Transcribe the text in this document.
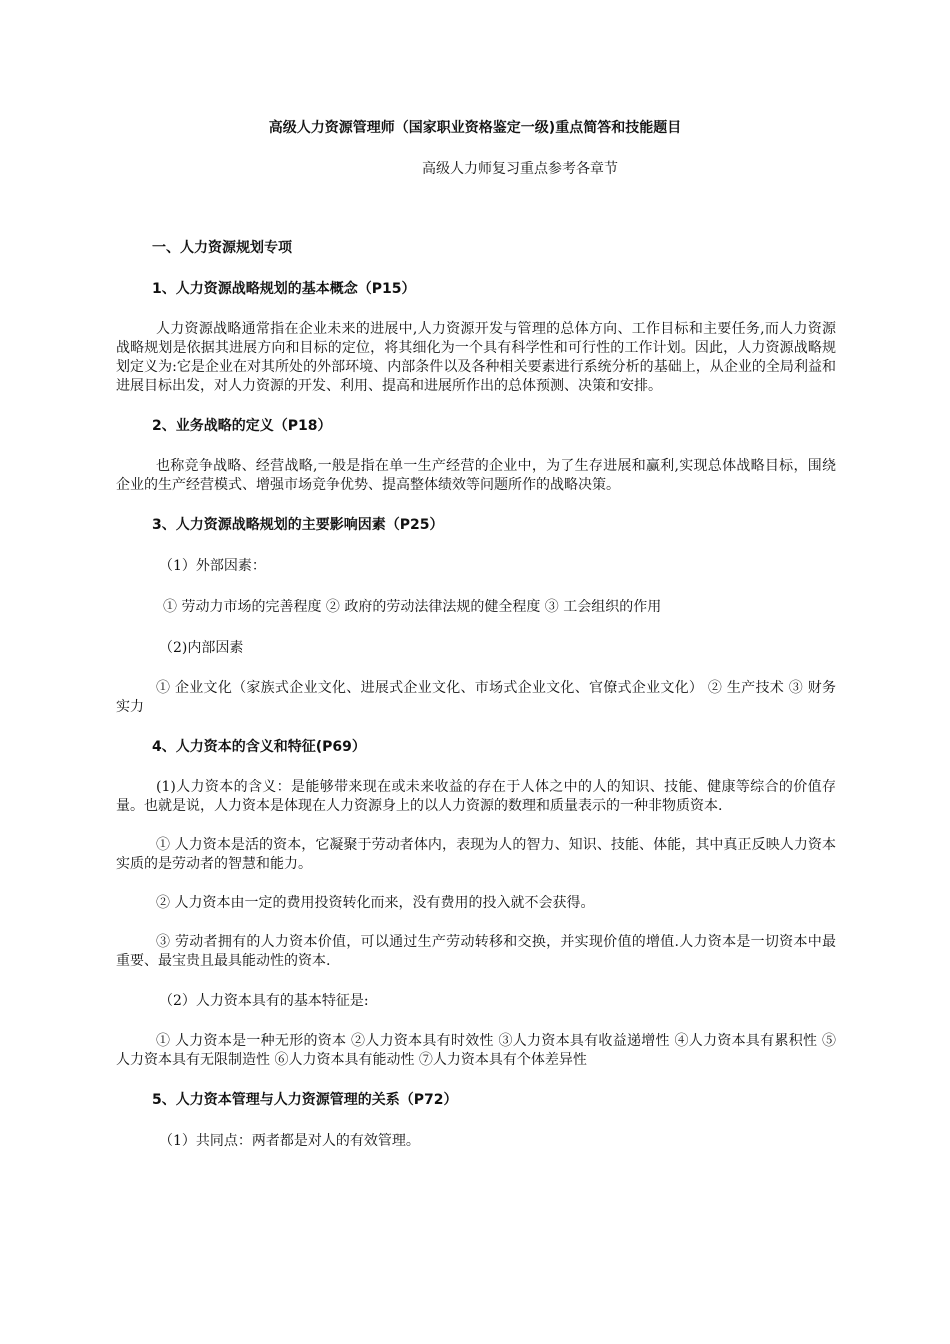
高级人力资源管理师（国家职业资格鉴定一级)重点简答和技能题目
高级人力师复习重点参考各章节
一、人力资源规划专项
1、人力资源战略规划的基本概念（P15）
人力资源战略通常指在企业未来的进展中,人力资源开发与管理的总体方向、工作目标和主要任务,而人力资源战略规划是依据其进展方向和目标的定位，将其细化为一个具有科学性和可行性的工作计划。因此，人力资源战略规划定义为:它是企业在对其所处的外部环境、内部条件以及各种相关要素进行系统分析的基础上，从企业的全局利益和进展目标出发，对人力资源的开发、利用、提高和进展所作出的总体预测、决策和安排。
2、业务战略的定义（P18）
也称竞争战略、经营战略,一般是指在单一生产经营的企业中，为了生存进展和赢利,实现总体战略目标，围绕企业的生产经营模式、增强市场竞争优势、提高整体绩效等问题所作的战略决策。
3、人力资源战略规划的主要影响因素（P25）
（1）外部因素：
① 劳动力市场的完善程度 ② 政府的劳动法律法规的健全程度 ③ 工会组织的作用
（2)内部因素
① 企业文化（家族式企业文化、进展式企业文化、市场式企业文化、官僚式企业文化） ② 生产技术 ③ 财务实力
4、人力资本的含义和特征(P69）
(1)人力资本的含义：是能够带来现在或未来收益的存在于人体之中的人的知识、技能、健康等综合的价值存量。也就是说，人力资本是体现在人力资源身上的以人力资源的数理和质量表示的一种非物质资本.
① 人力资本是活的资本，它凝聚于劳动者体内，表现为人的智力、知识、技能、体能，其中真正反映人力资本实质的是劳动者的智慧和能力。
② 人力资本由一定的费用投资转化而来，没有费用的投入就不会获得。
③ 劳动者拥有的人力资本价值，可以通过生产劳动转移和交换，并实现价值的增值.人力资本是一切资本中最重要、最宝贵且最具能动性的资本.
（2）人力资本具有的基本特征是:
① 人力资本是一种无形的资本 ②人力资本具有时效性 ③人力资本具有收益递增性 ④人力资本具有累积性 ⑤人力资本具有无限制造性 ⑥人力资本具有能动性 ⑦人力资本具有个体差异性
5、人力资本管理与人力资源管理的关系（P72）
（1）共同点：两者都是对人的有效管理。
